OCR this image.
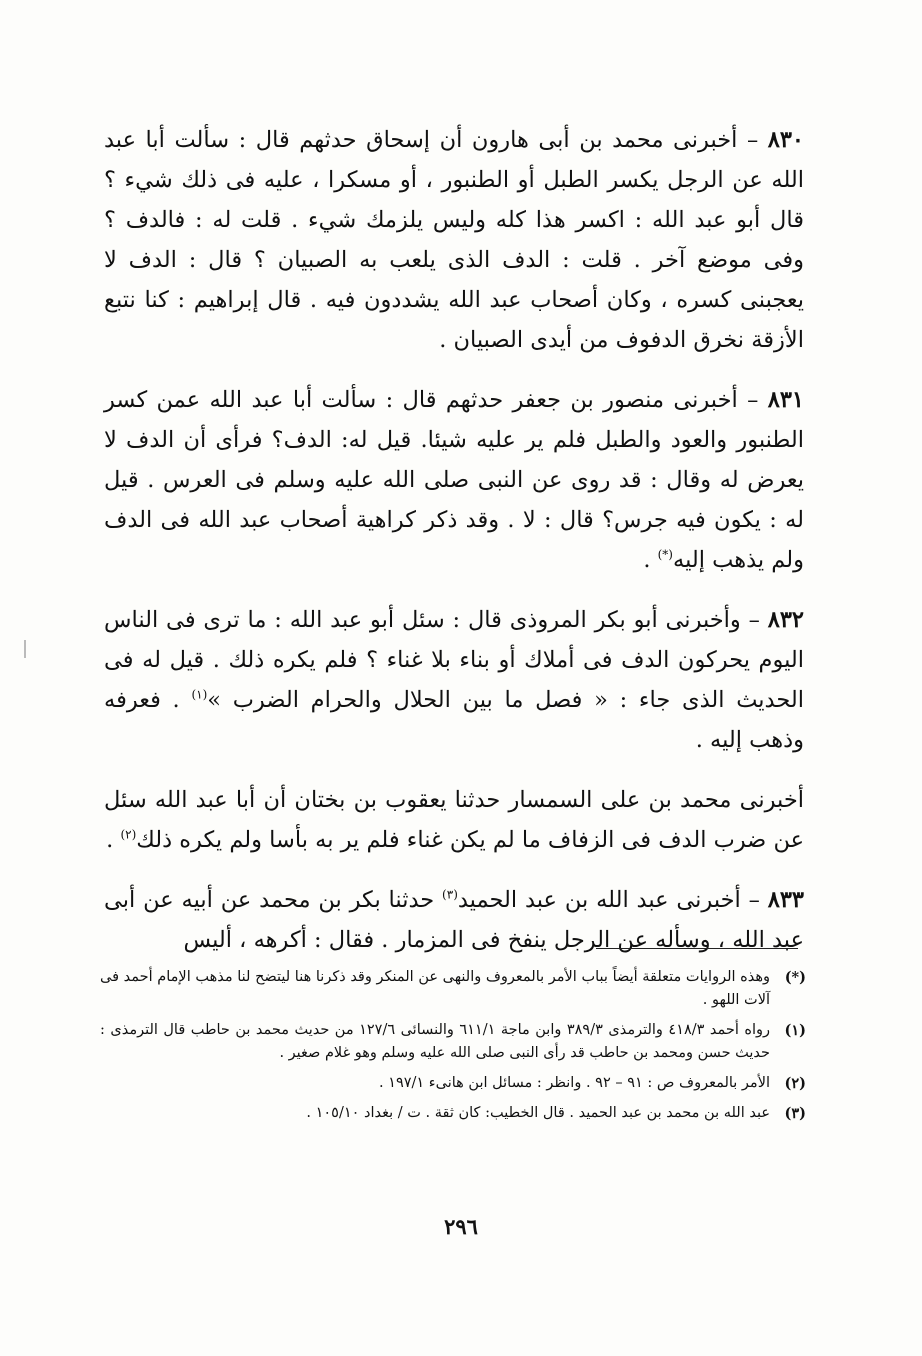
٨٣٠ – أخبرنى محمد بن أبى هارون أن إسحاق حدثهم قال : سألت أبا عبد الله عن الرجل يكسر الطبل أو الطنبور ، أو مسكرا ، عليه فى ذلك شيء ؟ قال أبو عبد الله : اكسر هذا كله وليس يلزمك شيء . قلت له : فالدف ؟ وفى موضع آخر . قلت : الدف الذى يلعب به الصبيان ؟ قال : الدف لا يعجبنى كسره ، وكان أصحاب عبد الله يشددون فيه . قال إبراهيم : كنا نتبع الأزقة نخرق الدفوف من أيدى الصبيان .

٨٣١ – أخبرنى منصور بن جعفر حدثهم قال : سألت أبا عبد الله عمن كسر الطنبور والعود والطبل فلم ير عليه شيئا. قيل له: الدف؟ فرأى أن الدف لا يعرض له وقال : قد روى عن النبى صلى الله عليه وسلم فى العرس . قيل له : يكون فيه جرس؟ قال : لا . وقد ذكر كراهية أصحاب عبد الله فى الدف ولم يذهب إليه(*) .

٨٣٢ – وأخبرنى أبو بكر المروذى قال : سئل أبو عبد الله : ما ترى فى الناس اليوم يحركون الدف فى أملاك أو بناء بلا غناء ؟ فلم يكره ذلك . قيل له فى الحديث الذى جاء : « فصل ما بين الحلال والحرام الضرب »$^{(١)}$ . فعرفه وذهب إليه .

أخبرنى محمد بن على السمسار حدثنا يعقوب بن بختان أن أبا عبد الله سئل عن ضرب الدف فى الزفاف ما لم يكن غناء فلم ير به بأسا ولم يكره ذلك$^{(٢)}$ .

٨٣٣ – أخبرنى عبد الله بن عبد الحميد$^{(٣)}$ حدثنا بكر بن محمد عن أبيه عن أبى عبد الله ، وسأله عن الرجل ينفخ فى المزمار . فقال : أكرهه ، أليس

(*)
وهذه الروايات متعلقة أيضاً بباب الأمر بالمعروف والنهى عن المنكر وقد ذكرنا هنا ليتضح لنا مذهب الإمام أحمد فى آلات اللهو .
(١)
رواه أحمد ٤١٨/٣ والترمذى ٣٨٩/٣ وابن ماجة ٦١١/١ والنسائى ١٢٧/٦ من حديث محمد بن حاطب قال الترمذى : حديث حسن ومحمد بن حاطب قد رأى النبى صلى الله عليه وسلم وهو غلام صغير .
(٢)
الأمر بالمعروف ص : ٩١ – ٩٢ . وانظر : مسائل ابن هانىء ١٩٧/١ .
(٣)
عبد الله بن محمد بن عبد الحميد . قال الخطيب: كان ثقة . ت / بغداد ١٠٥/١٠ .
٢٩٦
